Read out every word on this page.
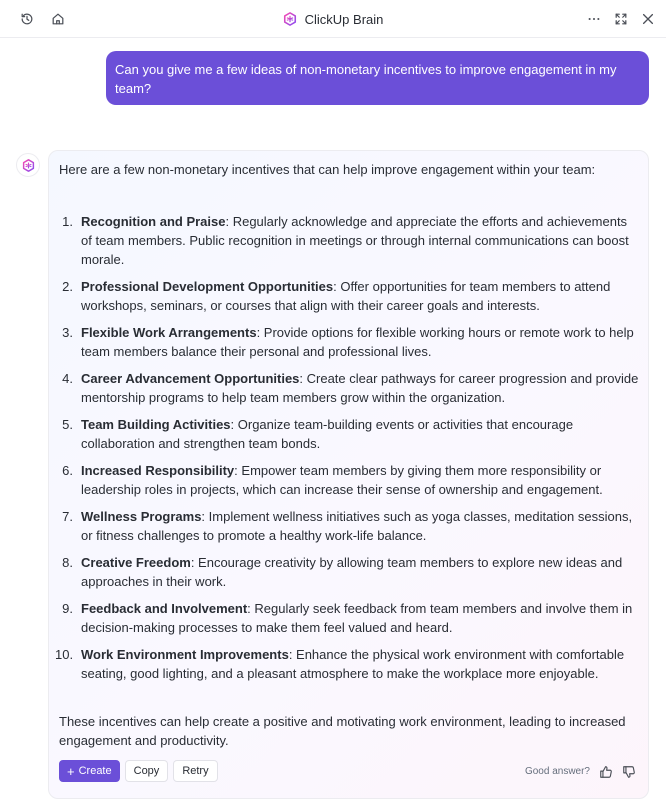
ClickUp Brain
Can you give me a few ideas of non-monetary incentives to improve engagement in my team?

Here are a few non-monetary incentives that can help improve engagement within your team:

1. Recognition and Praise: Regularly acknowledge and appreciate the efforts and achievements of team members. Public recognition in meetings or through internal communications can boost morale.
2. Professional Development Opportunities: Offer opportunities for team members to attend workshops, seminars, or courses that align with their career goals and interests.
3. Flexible Work Arrangements: Provide options for flexible working hours or remote work to help team members balance their personal and professional lives.
4. Career Advancement Opportunities: Create clear pathways for career progression and provide mentorship programs to help team members grow within the organization.
5. Team Building Activities: Organize team-building events or activities that encourage collaboration and strengthen team bonds.
6. Increased Responsibility: Empower team members by giving them more responsibility or leadership roles in projects, which can increase their sense of ownership and engagement.
7. Wellness Programs: Implement wellness initiatives such as yoga classes, meditation sessions, or fitness challenges to promote a healthy work-life balance.
8. Creative Freedom: Encourage creativity by allowing team members to explore new ideas and approaches in their work.
9. Feedback and Involvement: Regularly seek feedback from team members and involve them in decision-making processes to make them feel valued and heard.
10. Work Environment Improvements: Enhance the physical work environment with comfortable seating, good lighting, and a pleasant atmosphere to make the workplace more enjoyable.

These incentives can help create a positive and motivating work environment, leading to increased engagement and productivity.

+ Create	Copy	Retry	Good answer?
